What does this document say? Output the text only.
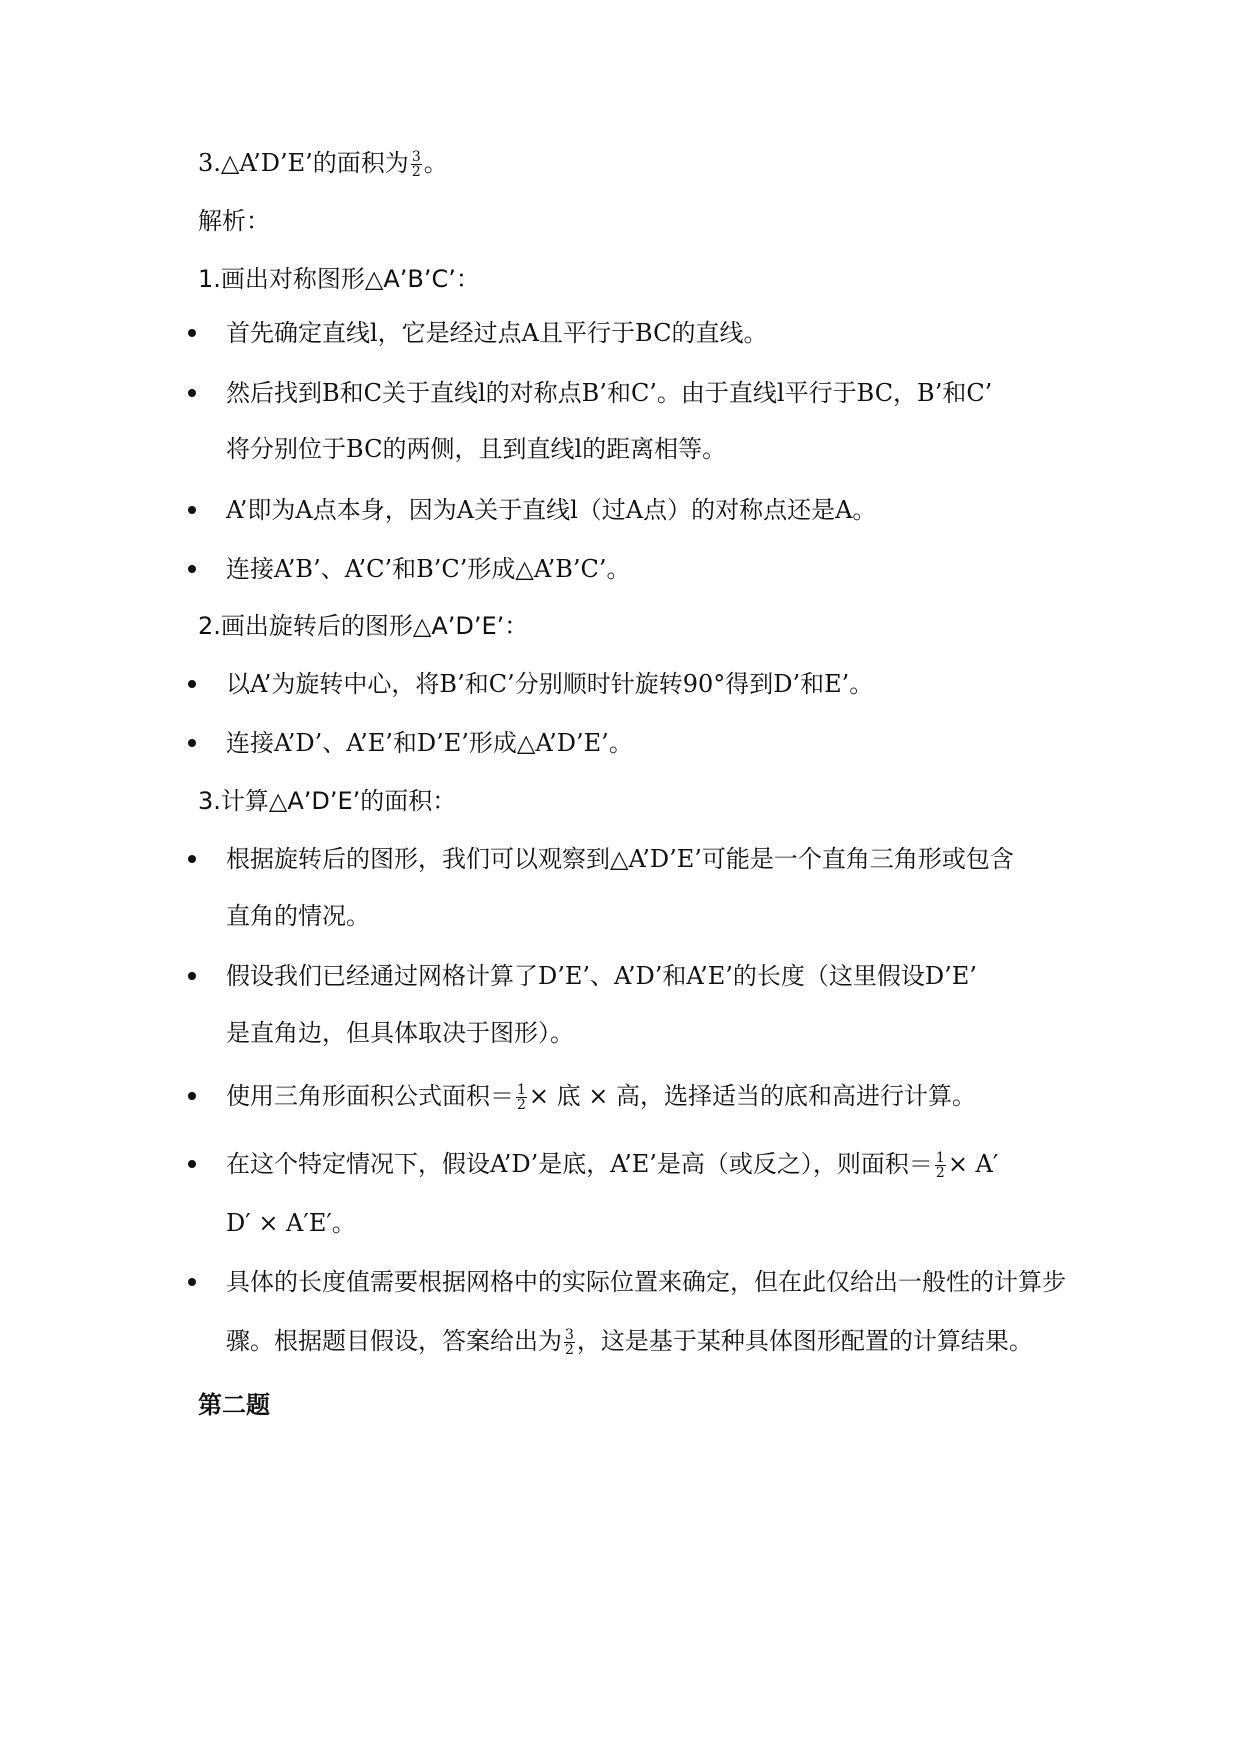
3.△A’D’E’的面积为 $\frac{3}{2}$ 。
解析：
1.画出对称图形△A’B’C’：
首先确定直线l，它是经过点A且平行于BC的直线。
然后找到B和C关于直线l的对称点B’和C’。由于直线l平行于BC，B’和C’
将分别位于BC的两侧，且到直线l的距离相等。
A’即为A点本身，因为A关于直线l（过A点）的对称点还是A。
连接A’B’、A’C’和B’C’形成△A’B’C’。
2.画出旋转后的图形△A’D’E’：
以A’为旋转中心，将B’和C’分别顺时针旋转90°得到D’和E’。
连接A’D’、A’E’和D’E’形成△A’D’E’。
3.计算△A’D’E’的面积：
根据旋转后的图形，我们可以观察到△A’D’E’可能是一个直角三角形或包含
直角的情况。
假设我们已经通过网格计算了D’E’、A’D’和A’E’的长度（这里假设D’E’
是直角边，但具体取决于图形）。
使用三角形面积公式面积＝ $\frac{1}{2}$ × 底 × 高，选择适当的底和高进行计算。
在这个特定情况下，假设A’D’是底，A’E’是高（或反之），则面积＝ $\frac{1}{2} \times A'$
D′ × A′E′。
具体的长度值需要根据网格中的实际位置来确定，但在此仅给出一般性的计算步
骤。根据题目假设，答案给出为 $\frac{3}{2}$ ，这是基于某种具体图形配置的计算结果。
第二题
